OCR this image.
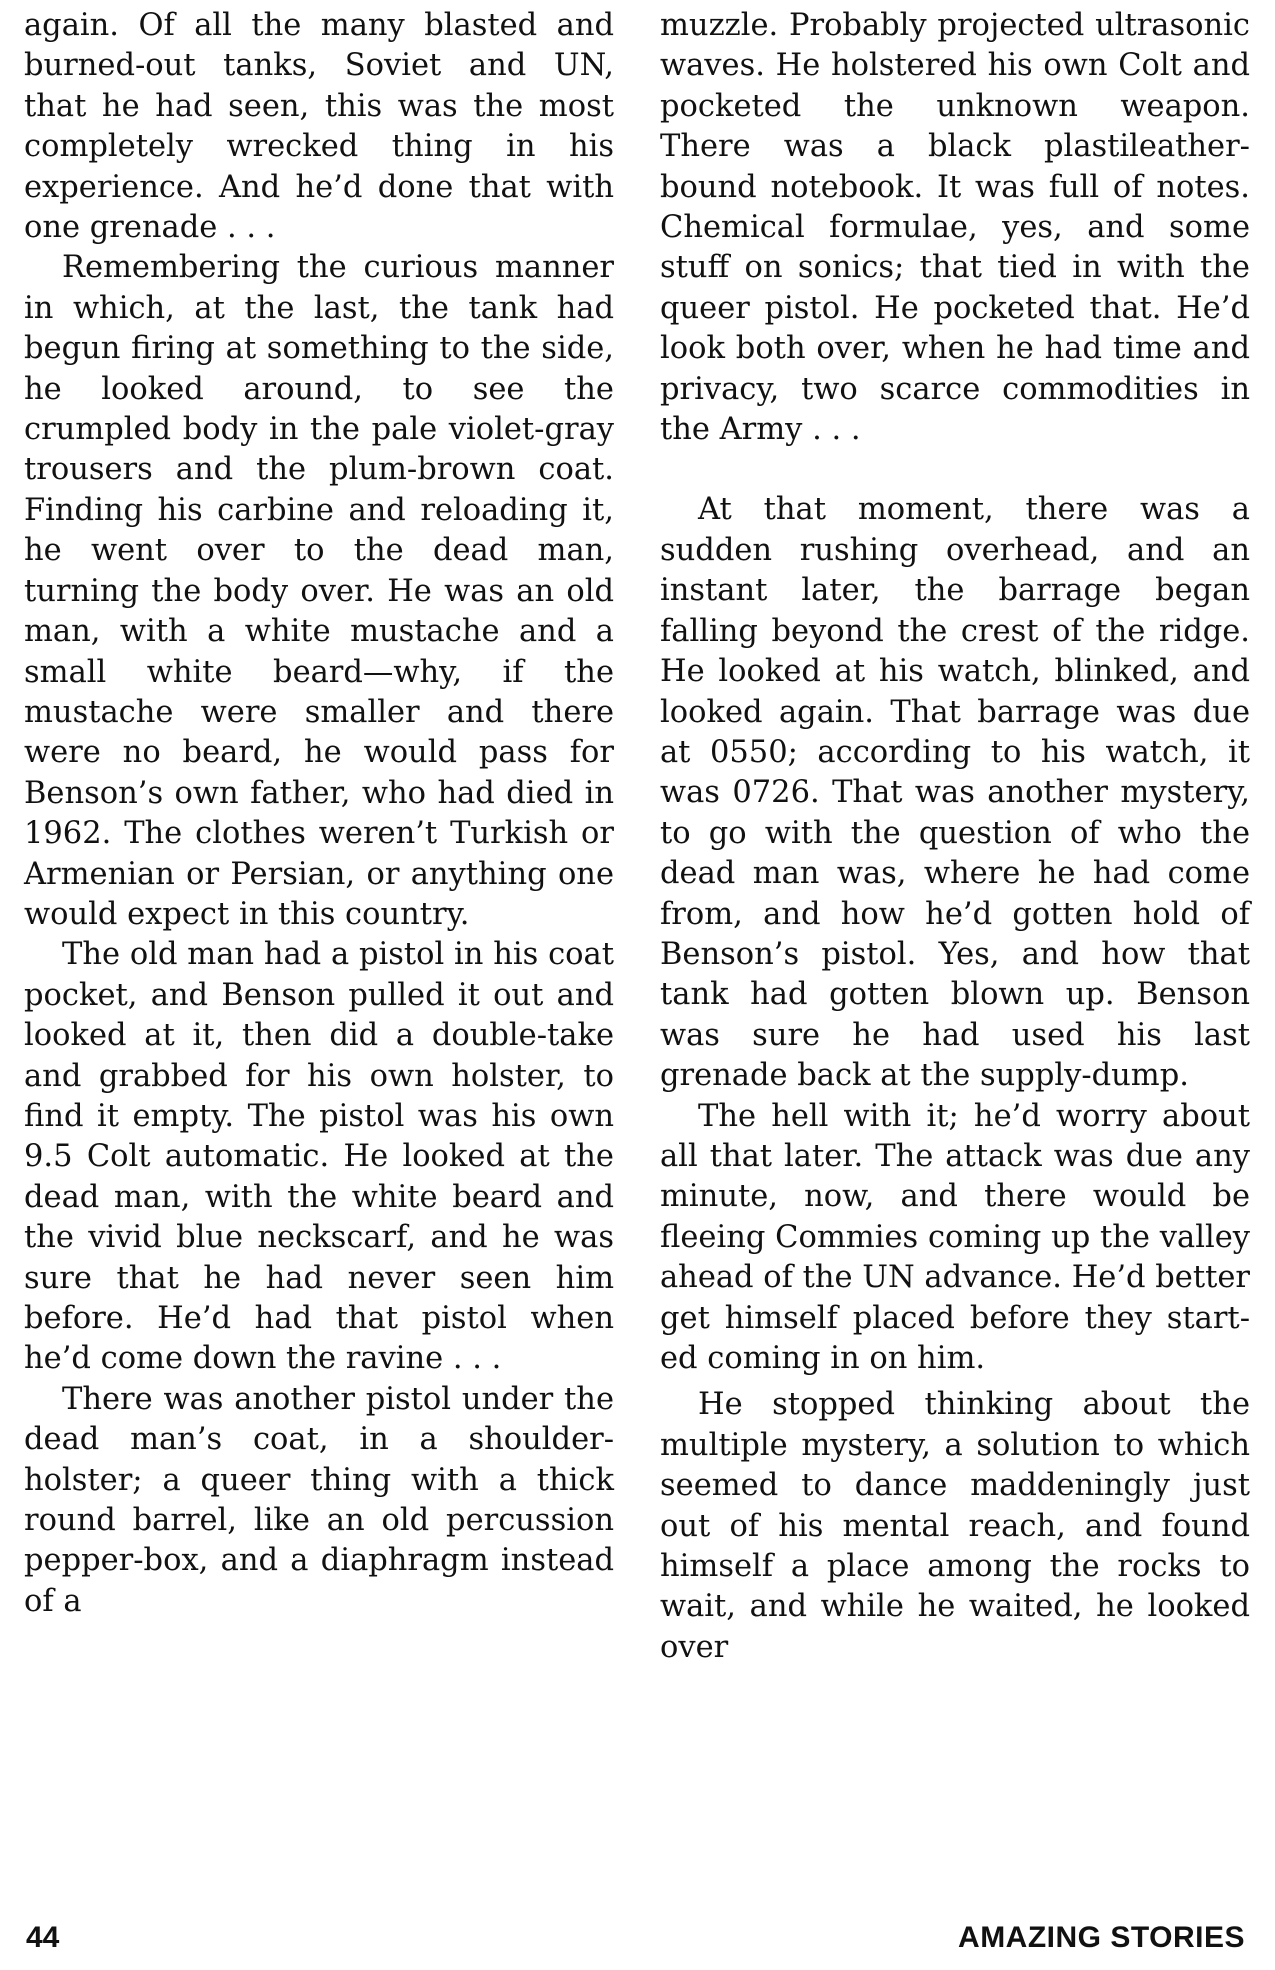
again. Of all the many blasted and burned-out tanks, Soviet and UN, that he had seen, this was the most completely wrecked thing in his experience. And he’d done that with one grenade . . .

Remembering the curious manner in which, at the last, the tank had begun firing at something to the side, he looked around, to see the crumpled body in the pale violet-gray trousers and the plum-brown coat. Finding his carbine and reloading it, he went over to the dead man, turning the body over. He was an old man, with a white mustache and a small white beard—why, if the mustache were smaller and there were no beard, he would pass for Benson’s own father, who had died in 1962. The clothes weren’t Turkish or Armenian or Persian, or anything one would expect in this country.

The old man had a pistol in his coat pocket, and Benson pulled it out and looked at it, then did a double-take and grabbed for his own holster, to find it empty. The pistol was his own 9.5 Colt automatic. He looked at the dead man, with the white beard and the vivid blue neckscarf, and he was sure that he had never seen him before. He’d had that pistol when he’d come down the ravine . . .

There was another pistol under the dead man’s coat, in a shoulder-holster; a queer thing with a thick round barrel, like an old percussion pepper-box, and a diaphragm instead of a

muzzle. Probably projected ultrasonic waves. He holstered his own Colt and pocketed the unknown weapon. There was a black plastileather-bound notebook. It was full of notes. Chemical formulae, yes, and some stuff on sonics; that tied in with the queer pistol. He pocketed that. He’d look both over, when he had time and privacy, two scarce commodities in the Army . . .

At that moment, there was a sudden rushing overhead, and an instant later, the barrage began falling beyond the crest of the ridge. He looked at his watch, blinked, and looked again. That barrage was due at 0550; according to his watch, it was 0726. That was another mystery, to go with the question of who the dead man was, where he had come from, and how he’d gotten hold of Benson’s pistol. Yes, and how that tank had gotten blown up. Benson was sure he had used his last grenade back at the supply-dump.

The hell with it; he’d worry about all that later. The attack was due any minute, now, and there would be fleeing Commies coming up the valley ahead of the UN advance. He’d better get himself placed before they started coming in on him.

He stopped thinking about the multiple mystery, a solution to which seemed to dance maddeningly just out of his mental reach, and found himself a place among the rocks to wait, and while he waited, he looked over

44	AMAZING STORIES
